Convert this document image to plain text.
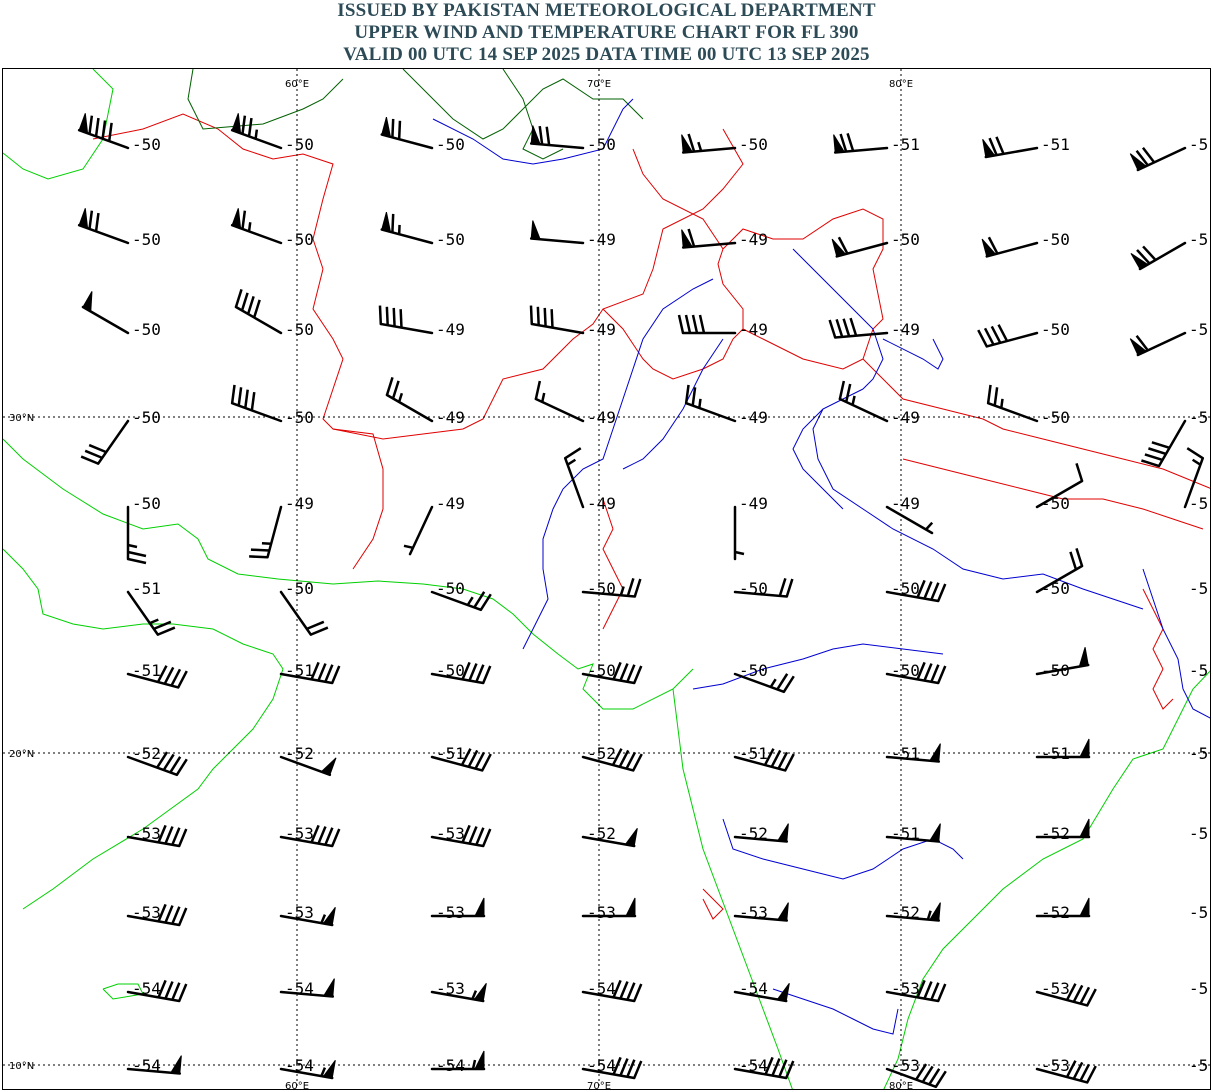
ISSUED BY PAKISTAN METEOROLOGICAL DEPARTMENT
UPPER WIND AND TEMPERATURE CHART FOR FL 390
VALID 00 UTC 14 SEP 2025 DATA TIME 00 UTC 13 SEP 2025
60°E
60°E
70°E
70°E
80°E
80°E
30°N
20°N
10°N
-50	-50	-50	-50	-50	-51	-51	-5
-50	-50	-50	-49	-49	-50	-50	-5
-50	-50	-49	-49	-49	-49	-50	-5
-50	-50	-49	-49	-49	-49	-50	-5
-50	-49	-49	-49	-49	-49	-50	-5
-51	-50	-50	-50	-50	-50	-50	-5
-51	-51	-50	-50	-50	-50	-50	-5
-52	-52	-51	-52	-51	-51	-51	-5
-53	-53	-53	-52	-52	-51	-52	-5
-53	-53	-53	-53	-53	-52	-52	-5
-54	-54	-53	-54	-54	-53	-53	-5
-54	-54	-54	-54	-54	-53	-53	-5
